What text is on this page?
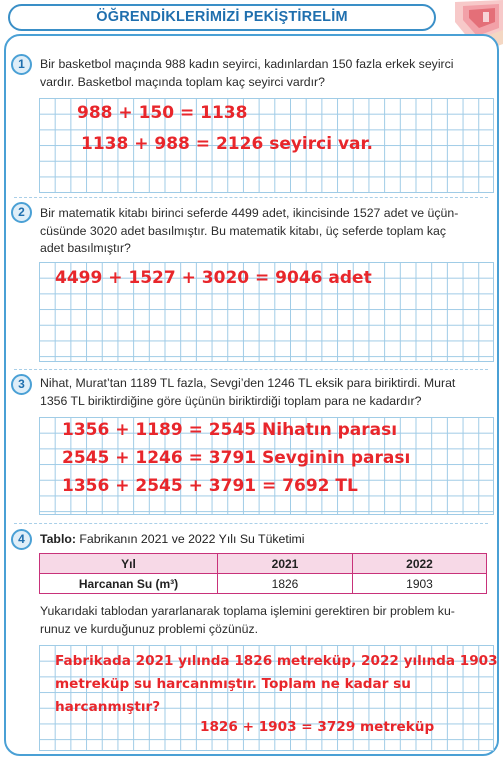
ÖĞRENDİKLERİMİZİ PEKİŞTİRELİM
1	Bir basketbol maçında 988 kadın seyirci, kadınlardan 150 fazla erkek seyirci
vardır. Basketbol maçında toplam kaç seyirci vardır?
988 + 150 = 1138
1138 + 988 = 2126 seyirci var.
2	Bir matematik kitabı birinci seferde 4499 adet, ikincisinde 1527 adet ve üçün-
cüsünde 3020 adet basılmıştır. Bu matematik kitabı, üç seferde toplam kaç
adet basılmıştır?
4499 + 1527 + 3020 = 9046 adet
3	Nihat, Murat’tan 1189 TL fazla, Sevgi’den 1246 TL eksik para biriktirdi. Murat
1356 TL biriktirdiğine göre üçünün biriktirdiği toplam para ne kadardır?
1356 + 1189 = 2545 Nihatın parası
2545 + 1246 = 3791 Sevginin parası
1356 + 2545 + 3791 = 7692 TL
4	Tablo: Fabrikanın 2021 ve 2022 Yılı Su Tüketimi
Yıl	2021	2022
Harcanan Su (m³)	1826	1903
Yukarıdaki tablodan yararlanarak toplama işlemini gerektiren bir problem ku-
runuz ve kurduğunuz problemi çözünüz.
Fabrikada 2021 yılında 1826 metreküp, 2022 yılında 1903
metreküp su harcanmıştır. Toplam ne kadar su
harcanmıştır?
1826 + 1903 = 3729 metreküp
